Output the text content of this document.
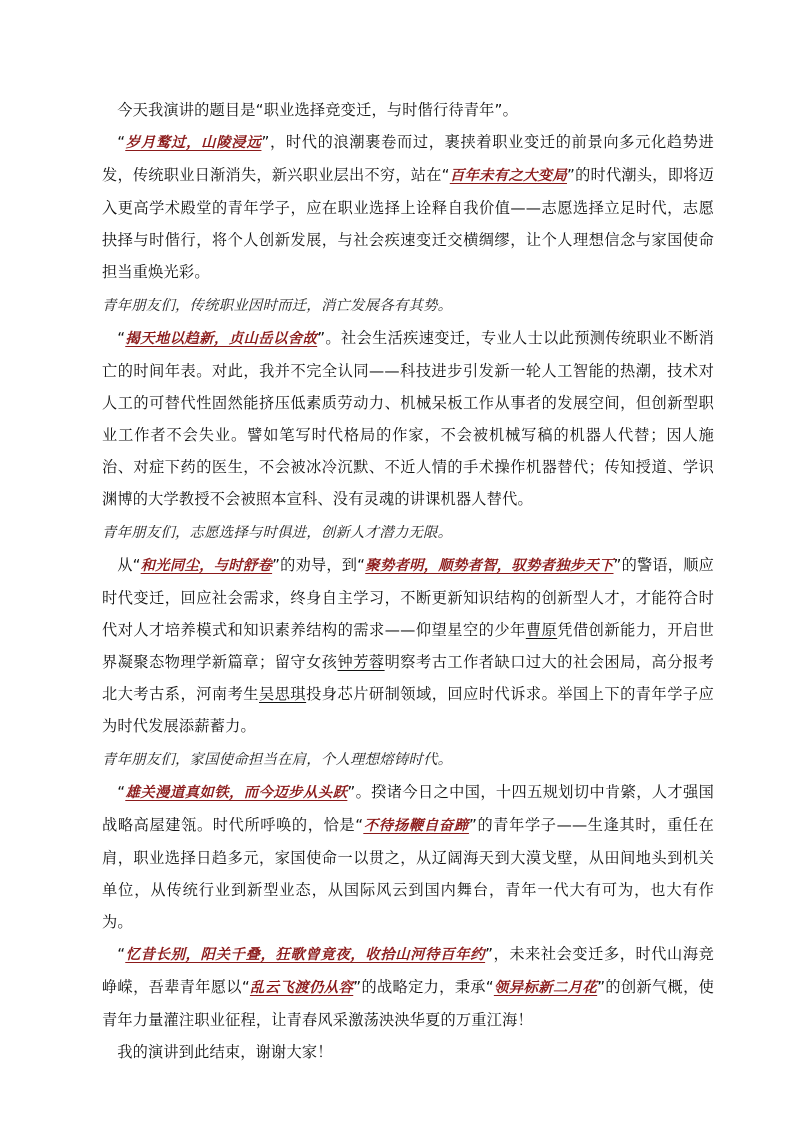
今天我演讲的题目是“职业选择竞变迁，与时偕行待青年”。

“岁月鹜过，山陵浸远”，时代的浪潮裹卷而过，裹挟着职业变迁的前景向多元化趋势进发，传统职业日渐消失，新兴职业层出不穷，站在“百年未有之大变局”的时代潮头，即将迈入更高学术殿堂的青年学子，应在职业选择上诠释自我价值——志愿选择立足时代，志愿抉择与时偕行，将个人创新发展，与社会疾速变迁交横绸缪，让个人理想信念与家国使命担当重焕光彩。

青年朋友们，传统职业因时而迁，消亡发展各有其势。

“揭天地以趋新，贞山岳以舍故”。社会生活疾速变迁，专业人士以此预测传统职业不断消亡的时间年表。对此，我并不完全认同——科技进步引发新一轮人工智能的热潮，技术对人工的可替代性固然能挤压低素质劳动力、机械呆板工作从事者的发展空间，但创新型职业工作者不会失业。譬如笔写时代格局的作家，不会被机械写稿的机器人代替；因人施治、对症下药的医生，不会被冰冷沉默、不近人情的手术操作机器替代；传知授道、学识渊博的大学教授不会被照本宣科、没有灵魂的讲课机器人替代。

青年朋友们，志愿选择与时俱进，创新人才潜力无限。

从“和光同尘，与时舒卷”的劝导，到“聚势者明，顺势者智，驭势者独步天下”的警语，顺应时代变迁，回应社会需求，终身自主学习，不断更新知识结构的创新型人才，才能符合时代对人才培养模式和知识素养结构的需求——仰望星空的少年曹原凭借创新能力，开启世界凝聚态物理学新篇章；留守女孩钟芳蓉明察考古工作者缺口过大的社会困局，高分报考北大考古系，河南考生吴思琪投身芯片研制领域，回应时代诉求。举国上下的青年学子应为时代发展添薪蓄力。

青年朋友们，家国使命担当在肩，个人理想熔铸时代。

“雄关漫道真如铁，而今迈步从头跃”。揆诸今日之中国，十四五规划切中肯綮，人才强国战略高屋建瓴。时代所呼唤的，恰是“不待扬鞭自奋蹄”的青年学子——生逢其时，重任在肩，职业选择日趋多元，家国使命一以贯之，从辽阔海天到大漠戈壁，从田间地头到机关单位，从传统行业到新型业态，从国际风云到国内舞台，青年一代大有可为，也大有作为。

“忆昔长别，阳关千叠，狂歌曾竟夜，收拾山河待百年约”，未来社会变迁多，时代山海竞峥嵘，吾辈青年愿以“乱云飞渡仍从容”的战略定力，秉承“领异标新二月花”的创新气概，使青年力量灌注职业征程，让青春风采激荡泱泱华夏的万重江海！

我的演讲到此结束，谢谢大家！
